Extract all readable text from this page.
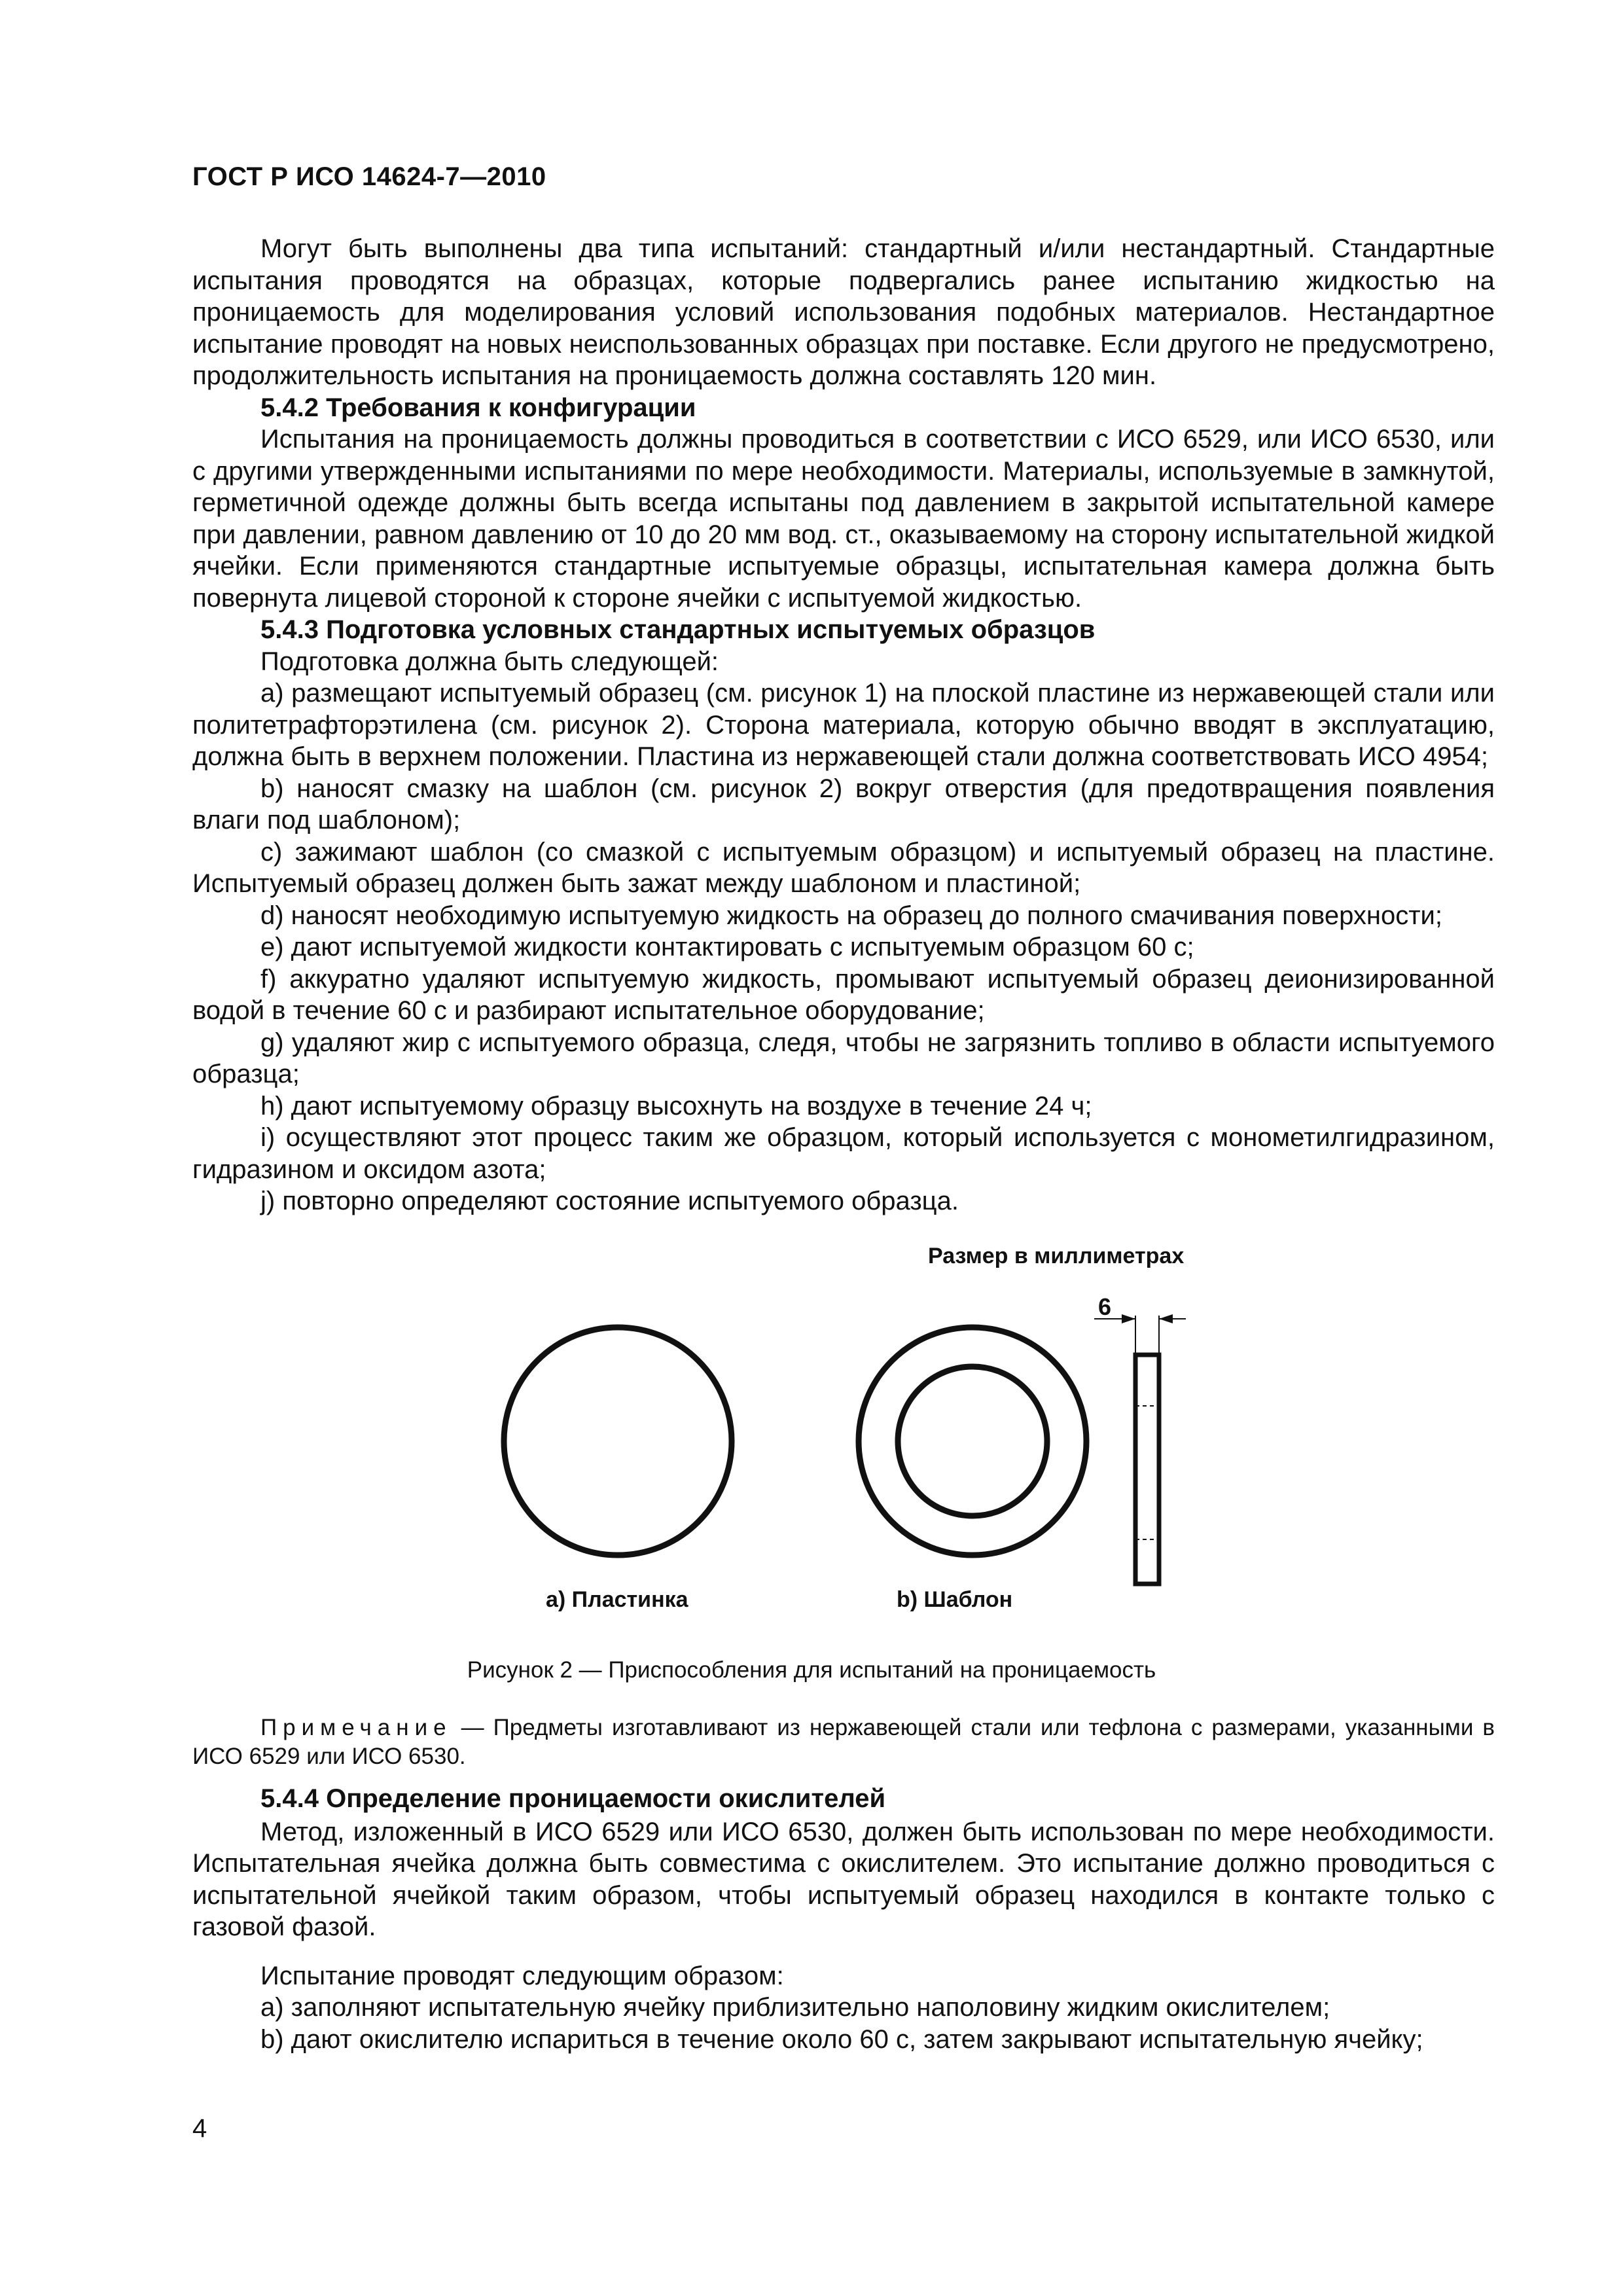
ГОСТ Р ИСО 14624-7—2010

Могут быть выполнены два типа испытаний: стандартный и/или нестандартный. Стандартные испытания проводятся на образцах, которые подвергались ранее испытанию жидкостью на проницаемость для моделирования условий использования подобных материалов. Нестандартное испытание проводят на новых неиспользованных образцах при поставке. Если другого не предусмотрено, продолжительность испытания на проницаемость должна составлять 120 мин.

5.4.2 Требования к конфигурации

Испытания на проницаемость должны проводиться в соответствии с ИСО 6529, или ИСО 6530, или с другими утвержденными испытаниями по мере необходимости. Материалы, используемые в замкнутой, герметичной одежде должны быть всегда испытаны под давлением в закрытой испытательной камере при давлении, равном давлению от 10 до 20 мм вод. ст., оказываемому на сторону испытательной жидкой ячейки. Если применяются стандартные испытуемые образцы, испытательная камера должна быть повернута лицевой стороной к стороне ячейки с испытуемой жидкостью.

5.4.3 Подготовка условных стандартных испытуемых образцов

Подготовка должна быть следующей:

а) размещают испытуемый образец (см. рисунок 1) на плоской пластине из нержавеющей стали или политетрафторэтилена (см. рисунок 2). Сторона материала, которую обычно вводят в эксплуатацию, должна быть в верхнем положении. Пластина из нержавеющей стали должна соответствовать ИСО 4954;

b) наносят смазку на шаблон (см. рисунок 2) вокруг отверстия (для предотвращения появления влаги под шаблоном);

c) зажимают шаблон (со смазкой с испытуемым образцом) и испытуемый образец на пластине. Испытуемый образец должен быть зажат между шаблоном и пластиной;

d) наносят необходимую испытуемую жидкость на образец до полного смачивания поверхности;

e) дают испытуемой жидкости контактировать с испытуемым образцом 60 с;

f) аккуратно удаляют испытуемую жидкость, промывают испытуемый образец деионизированной водой в течение 60 с и разбирают испытательное оборудование;

g) удаляют жир с испытуемого образца, следя, чтобы не загрязнить топливо в области испытуемого образца;

h) дают испытуемому образцу высохнуть на воздухе в течение 24 ч;

i) осуществляют этот процесс таким же образцом, который используется с монометилгидразином, гидразином и оксидом азота;

j) повторно определяют состояние испытуемого образца.

Размер в миллиметрах
6
а) Пластинка	b) Шаблон
Рисунок 2 — Приспособления для испытаний на проницаемость
Примечание — Предметы изготавливают из нержавеющей стали или тефлона с размерами, указанными в ИСО 6529 или ИСО 6530.

5.4.4 Определение проницаемости окислителей

Метод, изложенный в ИСО 6529 или ИСО 6530, должен быть использован по мере необходимости. Испытательная ячейка должна быть совместима с окислителем. Это испытание должно проводиться с испытательной ячейкой таким образом, чтобы испытуемый образец находился в контакте только с газовой фазой.

Испытание проводят следующим образом:

а) заполняют испытательную ячейку приблизительно наполовину жидким окислителем;

b) дают окислителю испариться в течение около 60 с, затем закрывают испытательную ячейку;

4
